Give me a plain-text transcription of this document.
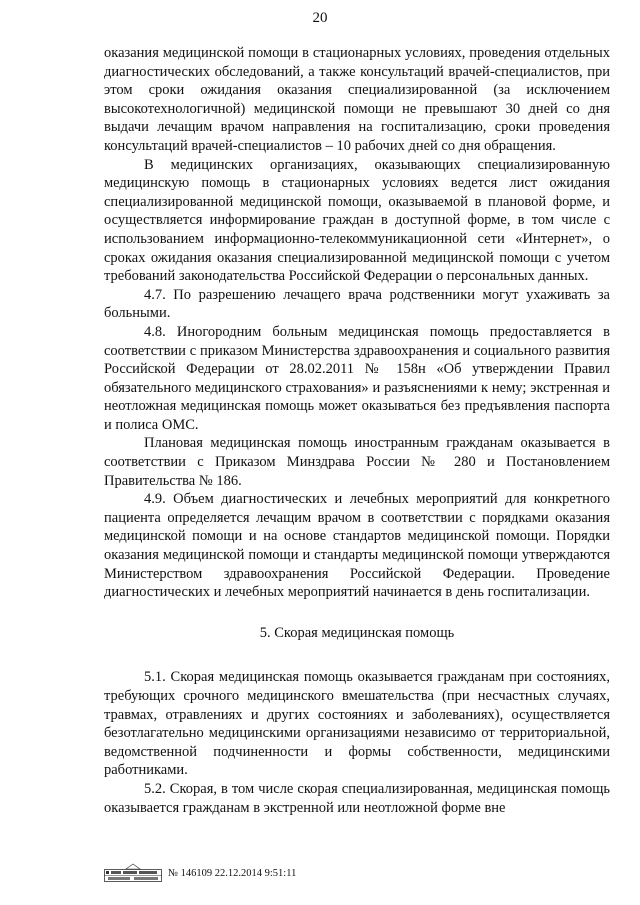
20

оказания медицинской помощи в стационарных условиях, проведения отдельных диагностических обследований, а также консультаций врачей-специалистов, при этом сроки ожидания оказания специализированной (за исключением высокотехнологичной) медицинской помощи не превышают 30 дней со дня выдачи лечащим врачом направления на госпитализацию, сроки проведения консультаций врачей-специалистов – 10 рабочих дней со дня обращения.

В медицинских организациях, оказывающих специализированную медицинскую помощь в стационарных условиях ведется лист ожидания специализированной медицинской помощи, оказываемой в плановой форме, и осуществляется информирование граждан в доступной форме, в том числе с использованием информационно-телекоммуникационной сети «Интернет», о сроках ожидания оказания специализированной медицинской помощи с учетом требований законодательства Российской Федерации о персональных данных.

4.7. По разрешению лечащего врача родственники могут ухаживать за больными.

4.8. Иногородним больным медицинская помощь предоставляется в соответствии с приказом Министерства здравоохранения и социального развития Российской Федерации от 28.02.2011 № 158н «Об утверждении Правил обязательного медицинского страхования» и разъяснениями к нему; экстренная и неотложная медицинская помощь может оказываться без предъявления паспорта и полиса ОМС.

Плановая медицинская помощь иностранным гражданам оказывается в соответствии с Приказом Минздрава России № 280 и Постановлением Правительства № 186.

4.9. Объем диагностических и лечебных мероприятий для конкретного пациента определяется лечащим врачом в соответствии с порядками оказания медицинской помощи и на основе стандартов медицинской помощи. Порядки оказания медицинской помощи и стандарты медицинской помощи утверждаются Министерством здравоохранения Российской Федерации. Проведение диагностических и лечебных мероприятий начинается в день госпитализации.

5. Скорая медицинская помощь

5.1. Скорая медицинская помощь оказывается гражданам при состояниях, требующих срочного медицинского вмешательства (при несчастных случаях, травмах, отравлениях и других состояниях и заболеваниях), осуществляется безотлагательно медицинскими организациями независимо от территориальной, ведомственной подчиненности и формы собственности, медицинскими работниками.

5.2. Скорая, в том числе скорая специализированная, медицинская помощь оказывается гражданам в экстренной или неотложной форме вне

№ 146109 22.12.2014 9:51:11
